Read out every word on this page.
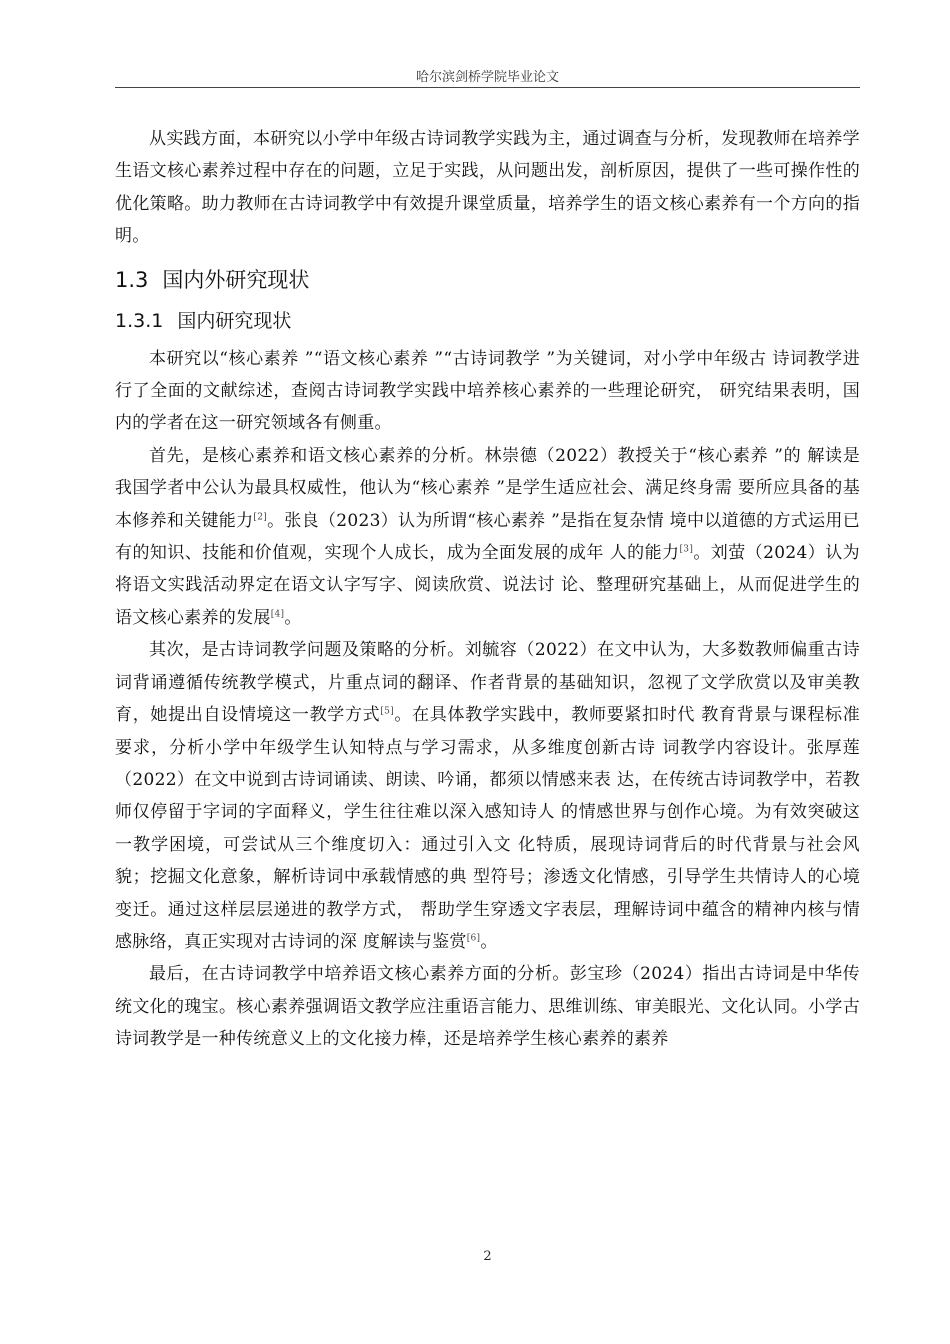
哈尔滨剑桥学院毕业论文

从实践方面，本研究以小学中年级古诗词教学实践为主，通过调查与分析，发现教师在培养学生语文核心素养过程中存在的问题，立足于实践，从问题出发，剖析原因，提供了一些可操作性的优化策略。助力教师在古诗词教学中有效提升课堂质量，培养学生的语文核心素养有一个方向的指明。

1.3 国内外研究现状
1.3.1 国内研究现状

本研究以“核心素养 ”“语文核心素养 ”“古诗词教学 ”为关键词，对小学中年级古 诗词教学进行了全面的文献综述，查阅古诗词教学实践中培养核心素养的一些理论研究， 研究结果表明，国内的学者在这一研究领域各有侧重。

首先，是核心素养和语文核心素养的分析。林崇德（2022）教授关于“核心素养 ”的 解读是我国学者中公认为最具权威性，他认为“核心素养 ”是学生适应社会、满足终身需 要所应具备的基本修养和关键能力[2]。张良（2023）认为所谓“核心素养 ”是指在复杂情 境中以道德的方式运用已有的知识、技能和价值观，实现个人成长，成为全面发展的成年 人的能力[3]。刘萤（2024）认为将语文实践活动界定在语文认字写字、阅读欣赏、说法讨 论、整理研究基础上，从而促进学生的语文核心素养的发展[4]。

其次，是古诗词教学问题及策略的分析。刘毓容（2022）在文中认为，大多数教师偏重古诗词背诵遵循传统教学模式，片重点词的翻译、作者背景的基础知识，忽视了文学欣赏以及审美教育，她提出自设情境这一教学方式[5]。在具体教学实践中，教师要紧扣时代 教育背景与课程标准要求，分析小学中年级学生认知特点与学习需求，从多维度创新古诗 词教学内容设计。张厚莲（2022）在文中说到古诗词诵读、朗读、吟诵，都须以情感来表 达，在传统古诗词教学中，若教师仅停留于字词的字面释义，学生往往难以深入感知诗人 的情感世界与创作心境。为有效突破这一教学困境，可尝试从三个维度切入：通过引入文 化特质，展现诗词背后的时代背景与社会风貌；挖掘文化意象，解析诗词中承载情感的典 型符号；渗透文化情感，引导学生共情诗人的心境变迁。通过这样层层递进的教学方式， 帮助学生穿透文字表层，理解诗词中蕴含的精神内核与情感脉络，真正实现对古诗词的深 度解读与鉴赏[6]。

最后，在古诗词教学中培养语文核心素养方面的分析。彭宝珍（2024）指出古诗词是中华传统文化的瑰宝。核心素养强调语文教学应注重语言能力、思维训练、审美眼光、文化认同。小学古诗词教学是一种传统意义上的文化接力棒，还是培养学生核心素养的素养

2
